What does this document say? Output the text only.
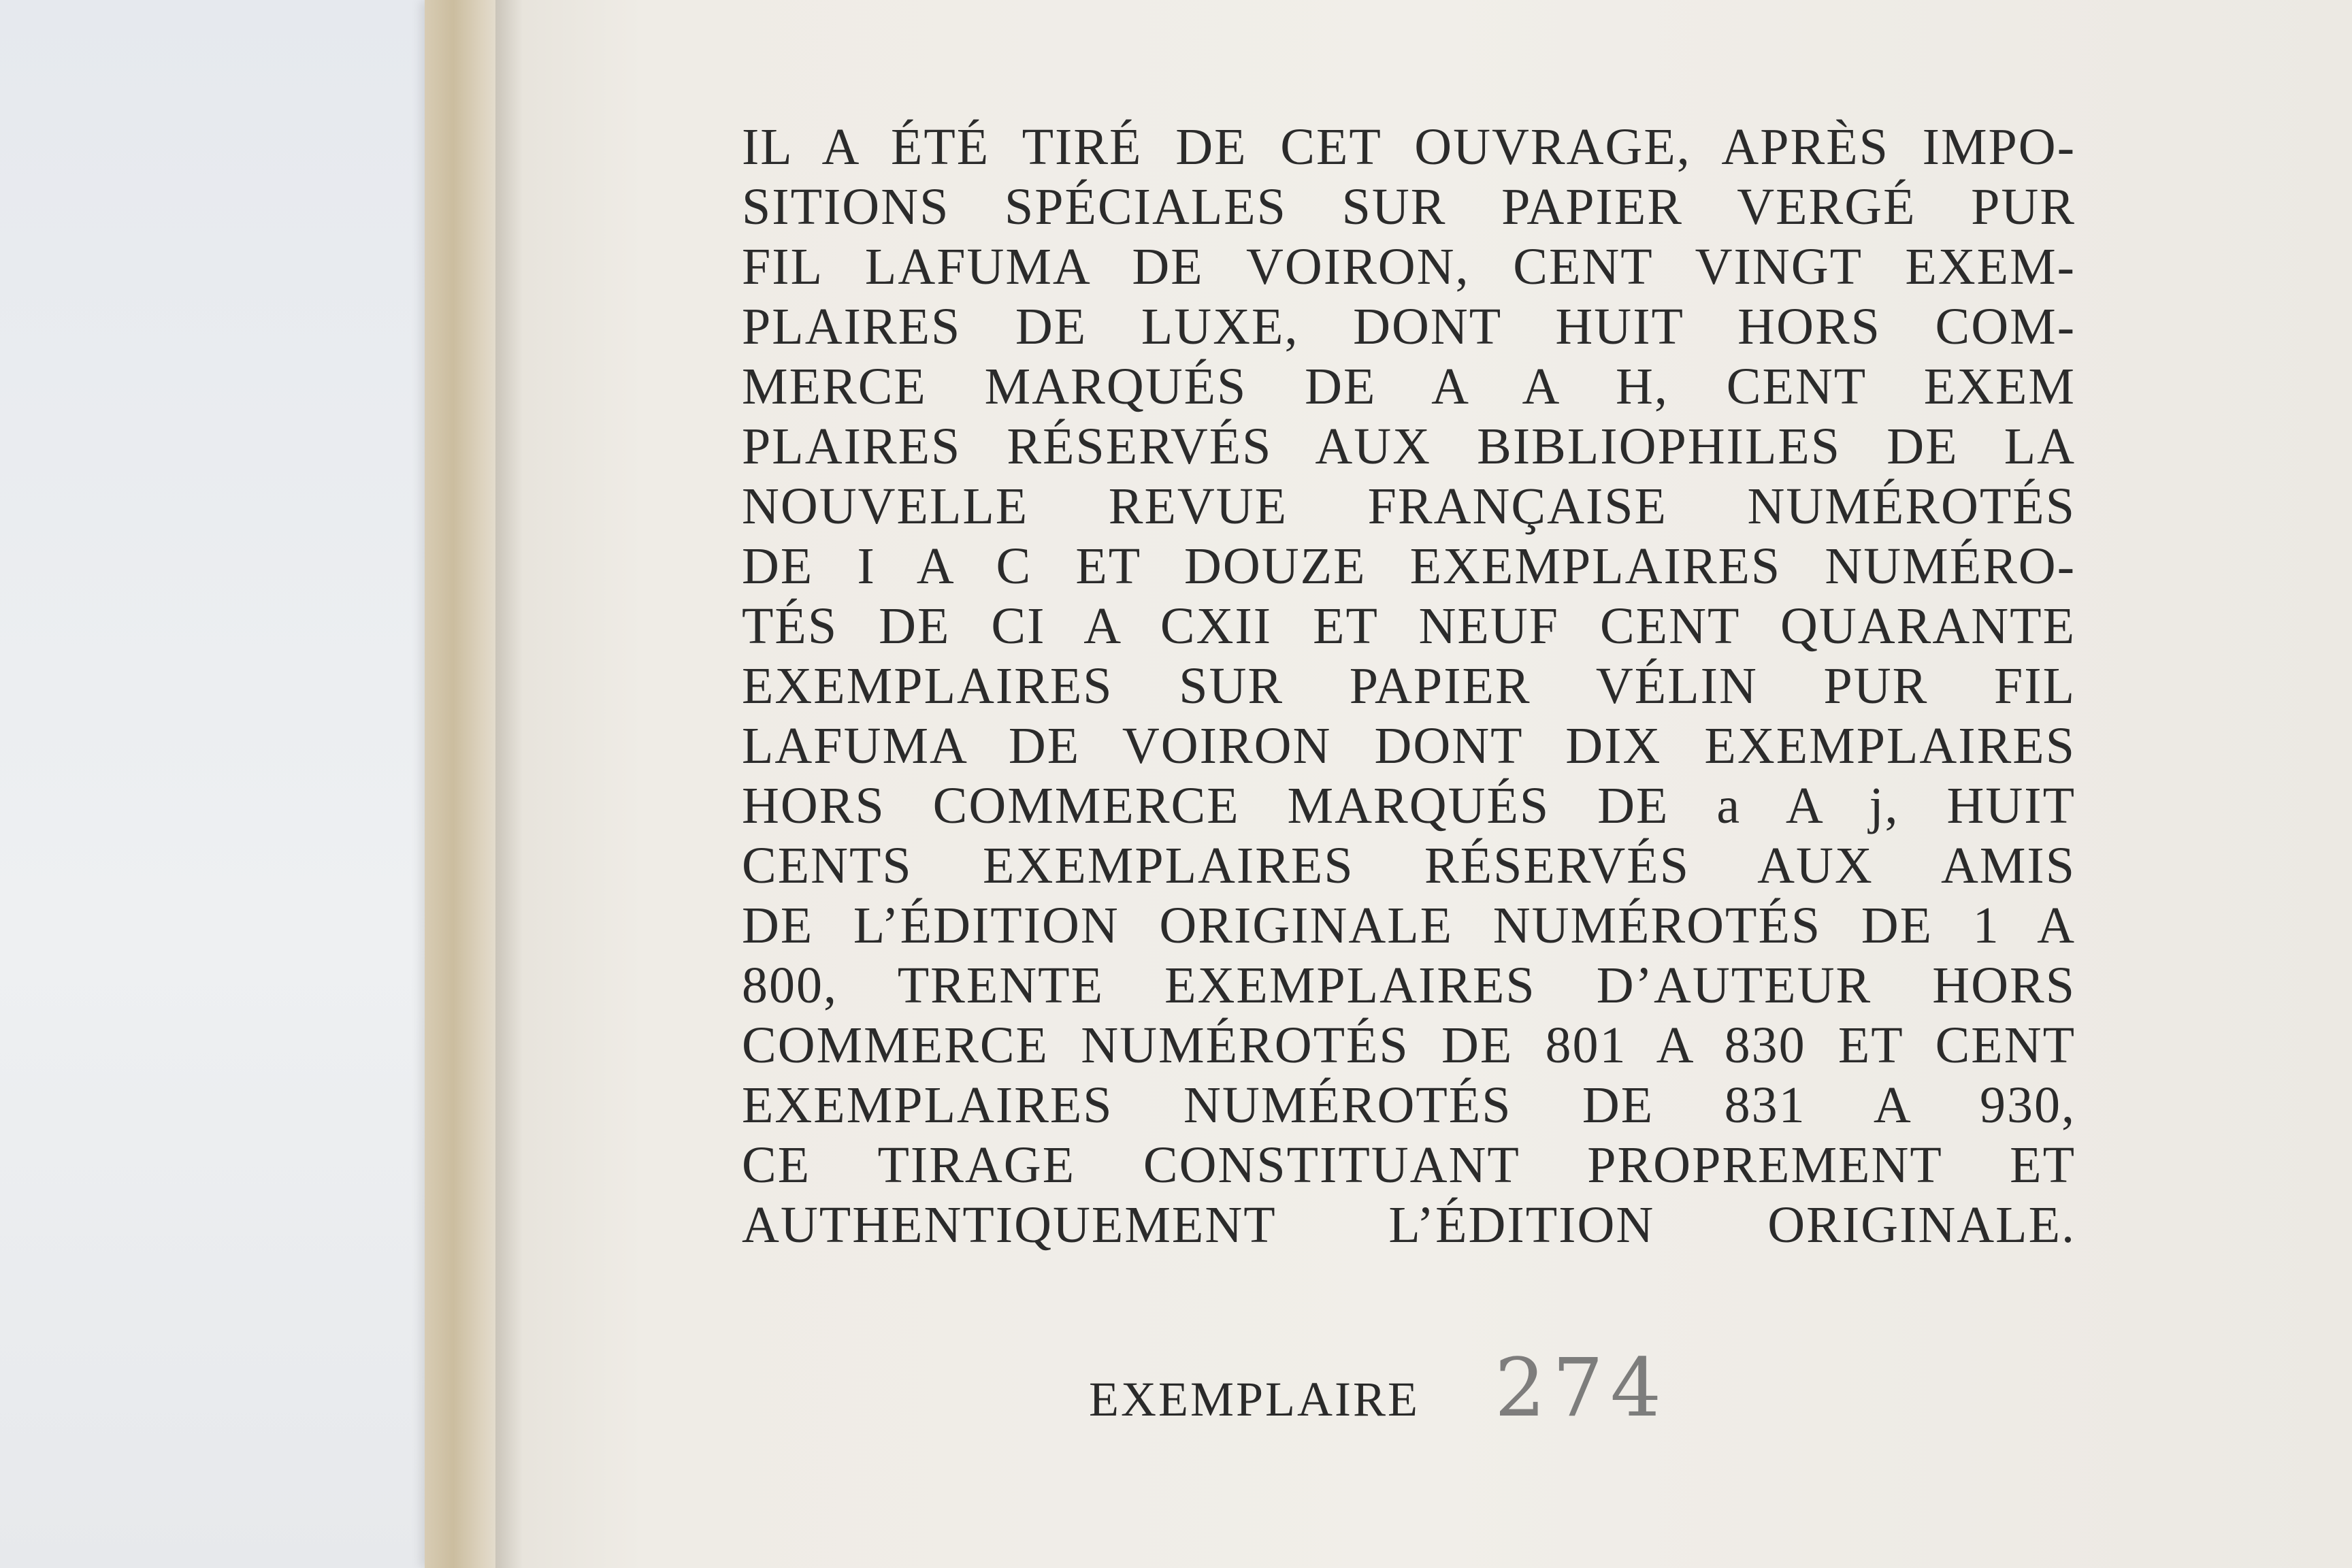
IL A ÉTÉ TIRÉ DE CET OUVRAGE, APRÈS IMPO-
SITIONS SPÉCIALES SUR PAPIER VERGÉ PUR
FIL LAFUMA DE VOIRON, CENT VINGT EXEM-
PLAIRES DE LUXE, DONT HUIT HORS COM-
MERCE MARQUÉS DE A A H, CENT EXEM
PLAIRES RÉSERVÉS AUX BIBLIOPHILES DE LA
NOUVELLE REVUE FRANÇAISE NUMÉROTÉS
DE I A C ET DOUZE EXEMPLAIRES NUMÉRO-
TÉS DE CI A CXII ET NEUF CENT QUARANTE
EXEMPLAIRES SUR PAPIER VÉLIN PUR FIL
LAFUMA DE VOIRON DONT DIX EXEMPLAIRES
HORS COMMERCE MARQUÉS DE a A j, HUIT
CENTS EXEMPLAIRES RÉSERVÉS AUX AMIS
DE L’ÉDITION ORIGINALE NUMÉROTÉS DE 1 A
800, TRENTE EXEMPLAIRES D’AUTEUR HORS
COMMERCE NUMÉROTÉS DE 801 A 830 ET CENT
EXEMPLAIRES NUMÉROTÉS DE 831 A 930,
CE TIRAGE CONSTITUANT PROPREMENT ET
AUTHENTIQUEMENT L’ÉDITION ORIGINALE.
EXEMPLAIRE 274
